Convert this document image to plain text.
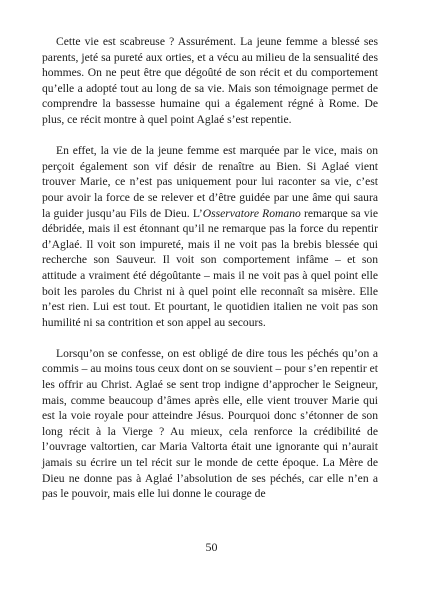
Cette vie est scabreuse ? Assurément. La jeune femme a blessé ses parents, jeté sa pureté aux orties, et a vécu au milieu de la sensualité des hommes. On ne peut être que dégoûté de son récit et du comportement qu’elle a adopté tout au long de sa vie. Mais son témoignage permet de comprendre la bassesse humaine qui a également régné à Rome. De plus, ce récit montre à quel point Aglaé s’est repentie.

En effet, la vie de la jeune femme est marquée par le vice, mais on perçoit également son vif désir de renaître au Bien. Si Aglaé vient trouver Marie, ce n’est pas uniquement pour lui raconter sa vie, c’est pour avoir la force de se relever et d’être guidée par une âme qui saura la guider jusqu’au Fils de Dieu. L’Osservatore Romano remarque sa vie débridée, mais il est étonnant qu’il ne remarque pas la force du repentir d’Aglaé. Il voit son impureté, mais il ne voit pas la brebis blessée qui recherche son Sauveur. Il voit son comportement infâme – et son attitude a vraiment été dégoûtante – mais il ne voit pas à quel point elle boit les paroles du Christ ni à quel point elle reconnaît sa misère. Elle n’est rien. Lui est tout. Et pourtant, le quotidien italien ne voit pas son humilité ni sa contrition et son appel au secours.

Lorsqu’on se confesse, on est obligé de dire tous les péchés qu’on a commis – au moins tous ceux dont on se souvient – pour s’en repentir et les offrir au Christ. Aglaé se sent trop indigne d’approcher le Seigneur, mais, comme beaucoup d’âmes après elle, elle vient trouver Marie qui est la voie royale pour atteindre Jésus. Pourquoi donc s’étonner de son long récit à la Vierge ? Au mieux, cela renforce la crédibilité de l’ouvrage valtortien, car Maria Valtorta était une ignorante qui n’aurait jamais su écrire un tel récit sur le monde de cette époque. La Mère de Dieu ne donne pas à Aglaé l’absolution de ses péchés, car elle n’en a pas le pouvoir, mais elle lui donne le courage de

50
